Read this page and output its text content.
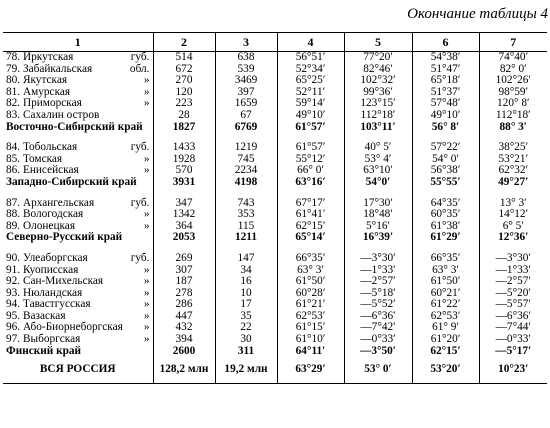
Окончание таблицы 4
1	2	3	4	5	6	7

78. Иркутская губ.	514	638	56°51′	77°20′	54°38′	74°40′

79. Забайкальская обл.	672	539	52°34′	82°46′	51°47′	82° 0′

80. Якутская »	270	3469	65°25′	102°32′	65°18′	102°26′

81. Амурская »	120	397	52°11′	99°36′	51°37′	98°59′

82. Приморская »	223	1659	59°14′	123°15′	57°48′	120° 8′

83. Сахалин остров	28	67	49°10′	112°18′	49°10′	112°18′

Восточно-Сибирский край	1827	6769	61°57′	103°11′	56° 8′	88° 3′

84. Тобольская губ.	1433	1219	61°57′	40° 5′	57°22′	38°25′

85. Томская »	1928	745	55°12′	53° 4′	54° 0′	53°21′

86. Енисейская »	570	2234	66° 0′	63°10′	56°38′	62°32′

Западно-Сибирский край	3931	4198	63°16′	54°0′	55°55′	49°27′

87. Архангельская губ.	347	743	67°17′	17°30′	64°35′	13° 3′

88. Вологодская »	1342	353	61°41′	18°48′	60°35′	14°12′

89. Олонецкая »	364	115	62°15′	5°16′	61°38′	6° 5′

Северно-Русский край	2053	1211	65°14′	16°39′	61°29′	12°36′

90. Улеаборгская губ.	269	147	66°35′	—3°30′	66°35′	—3°30′

91. Куописская »	307	34	63° 3′	—1°33′	63° 3′	—1°33′

92. Сан-Михельская »	187	16	61°50′	—2°57′	61°50′	—2°57′

93. Нюландская »	278	10	60°28′	—5°18′	60°21′	—5°20′

94. Тавастгусская »	286	17	61°21′	—5°52′	61°22′	—5°57′

95. Вазаская »	447	35	62°53′	—6°36′	62°53′	—6°36′

96. Або-Биорнеборгская »	432	22	61°15′	—7°42′	61° 9′	—7°44′

97. Выборгская »	394	30	61°10′	—0°33′	61°20′	—0°33′

Финский край	2600	311	64°11′	—3°50′	62°15′	—5°17′

ВСЯ РОССИЯ	128,2 млн	19,2 млн	63°29′	53° 0′	53°20′	10°23′
